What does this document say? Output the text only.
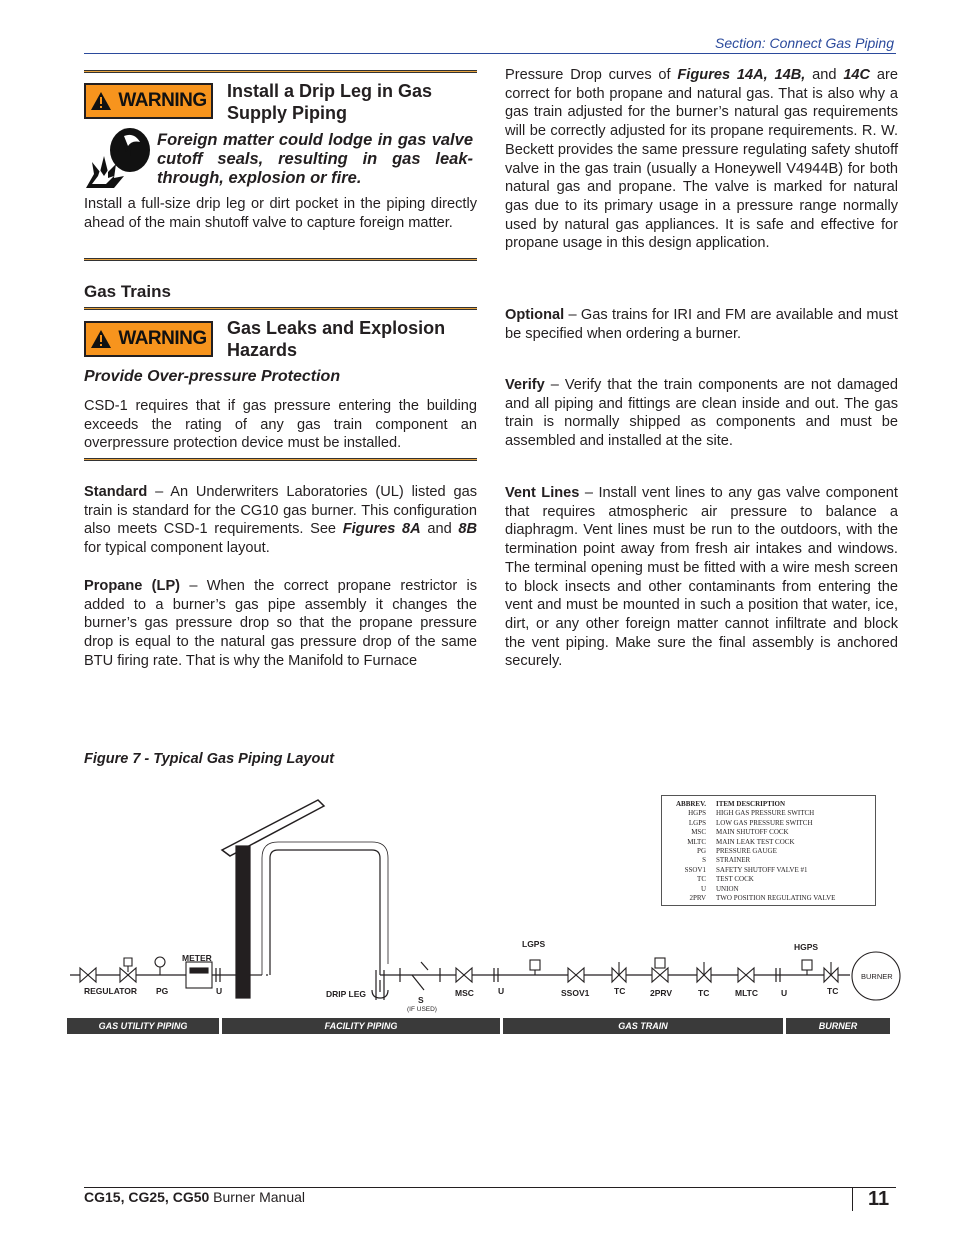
Section: Connect Gas Piping
WARNING Install a Drip Leg in Gas Supply Piping
Foreign matter could lodge in gas valve cutoff seals, resulting in gas leak-through, explosion or fire.
Install a full-size drip leg or dirt pocket in the piping directly ahead of the main shutoff valve to capture foreign matter.
Gas Trains
WARNING Gas Leaks and Explosion Hazards
Provide Over-pressure Protection
CSD-1 requires that if gas pressure entering the building exceeds the rating of any gas train component an overpressure protection device must be installed.
Standard – An Underwriters Laboratories (UL) listed gas train is standard for the CG10 gas burner. This configuration also meets CSD-1 requirements. See Figures 8A and 8B for typical component layout.
Propane (LP) – When the correct propane restrictor is added to a burner’s gas pipe assembly it changes the burner’s gas pressure drop so that the propane pressure drop is equal to the natural gas pressure drop of the same BTU firing rate. That is why the Manifold to Furnace
Pressure Drop curves of Figures 14A, 14B, and 14C are correct for both propane and natural gas. That is also why a gas train adjusted for the burner’s natural gas requirements will be correctly adjusted for its propane requirements. R. W. Beckett provides the same pressure regulating safety shutoff valve in the gas train (usually a Honeywell V4944B) for both natural gas and propane. The valve is marked for natural gas due to its primary usage in a pressure range normally used by natural gas appliances. It is safe and effective for propane usage in this design application.
Optional – Gas trains for IRI and FM are available and must be specified when ordering a burner.
Verify – Verify that the train components are not damaged and all piping and fittings are clean inside and out. The gas train is normally shipped as components and must be assembled and installed at the site.
Vent Lines – Install vent lines to any gas valve component that requires atmospheric air pressure to balance a diaphragm. Vent lines must be run to the outdoors, with the termination point away from fresh air intakes and windows. The terminal opening must be fitted with a wire mesh screen to block insects and other contaminants from entering the vent and must be mounted in such a position that water, ice, dirt, or any other foreign matter cannot infiltrate and block the vent piping. Make sure the final assembly is anchored securely.
Figure 7 - Typical Gas Piping Layout
ABBREV.	ITEM DESCRIPTION
HGPS	HIGH GAS PRESSURE SWITCH
LGPS	LOW GAS PRESSURE SWITCH
MSC	MAIN SHUTOFF COCK
MLTC	MAIN LEAK TEST COCK
PG	PRESSURE GAUGE
S	STRAINER
SSOV1	SAFETY SHUTOFF VALVE #1
TC	TEST COCK
U	UNION
2PRV	TWO POSITION REGULATING VALVE
REGULATOR PG
METER
U	DRIP LEG
S
(IF USED)
MSC	U
LGPS
SSOV1	TC	2PRV	TC	MLTC	U
HGPS
TC
BURNER
GAS UTILITY PIPING	FACILITY PIPING	GAS TRAIN	BURNER
CG15, CG25, CG50 Burner Manual	11
